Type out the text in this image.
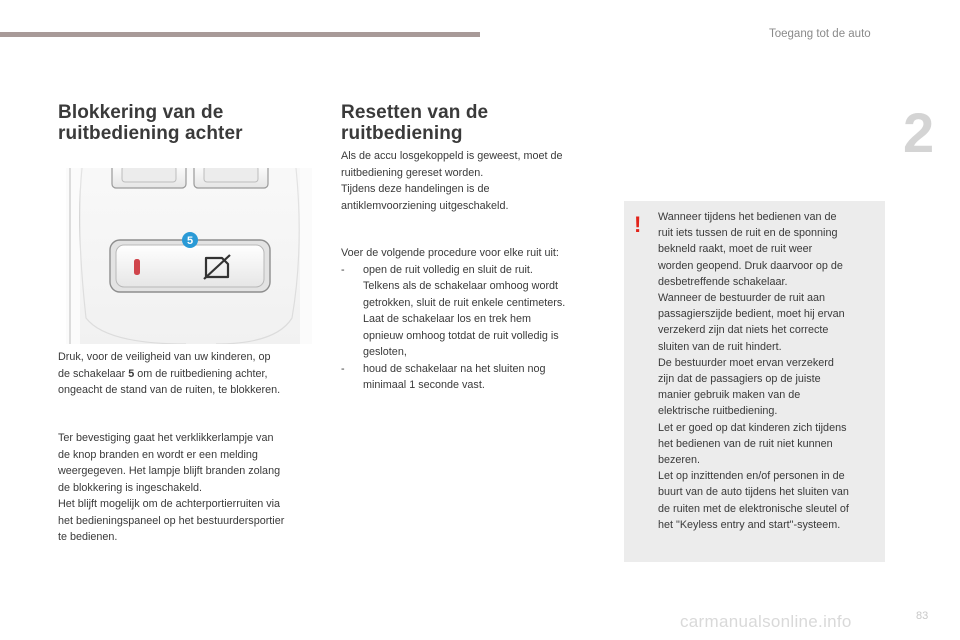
Toegang tot de auto
2
Blokkering van de
ruitbediening achter
5

Druk, voor de veiligheid van uw kinderen, op

de schakelaar 5 om de ruitbediening achter,

ongeacht de stand van de ruiten, te blokkeren.

Ter bevestiging gaat het verklikkerlampje van

de knop branden en wordt er een melding

weergegeven. Het lampje blijft branden zolang

de blokkering is ingeschakeld.

Het blijft mogelijk om de achterportierruiten via

het bedieningspaneel op het bestuurdersportier

te bedienen.

Resetten van de
ruitbediening

Als de accu losgekoppeld is geweest, moet de

ruitbediening gereset worden.

Tijdens deze handelingen is de

antiklemvoorziening uitgeschakeld.

Voer de volgende procedure voor elke ruit uit:

-	open de ruit volledig en sluit de ruit.

Telkens als de schakelaar omhoog wordt

getrokken, sluit de ruit enkele centimeters.

Laat de schakelaar los en trek hem

opnieuw omhoog totdat de ruit volledig is

gesloten,

-	houd de schakelaar na het sluiten nog

minimaal 1 seconde vast.

! Wanneer tijdens het bedienen van de
ruit iets tussen de ruit en de sponning
bekneld raakt, moet de ruit weer
worden geopend. Druk daarvoor op de
desbetreffende schakelaar.
Wanneer de bestuurder de ruit aan
passagierszijde bedient, moet hij ervan
verzekerd zijn dat niets het correcte
sluiten van de ruit hindert.
De bestuurder moet ervan verzekerd
zijn dat de passagiers op de juiste
manier gebruik maken van de
elektrische ruitbediening.
Let er goed op dat kinderen zich tijdens
het bedienen van de ruit niet kunnen
bezeren.
Let op inzittenden en/of personen in de
buurt van de auto tijdens het sluiten van
de ruiten met de elektronische sleutel of
het "Keyless entry and start"-systeem.
carmanualsonline.info	83
